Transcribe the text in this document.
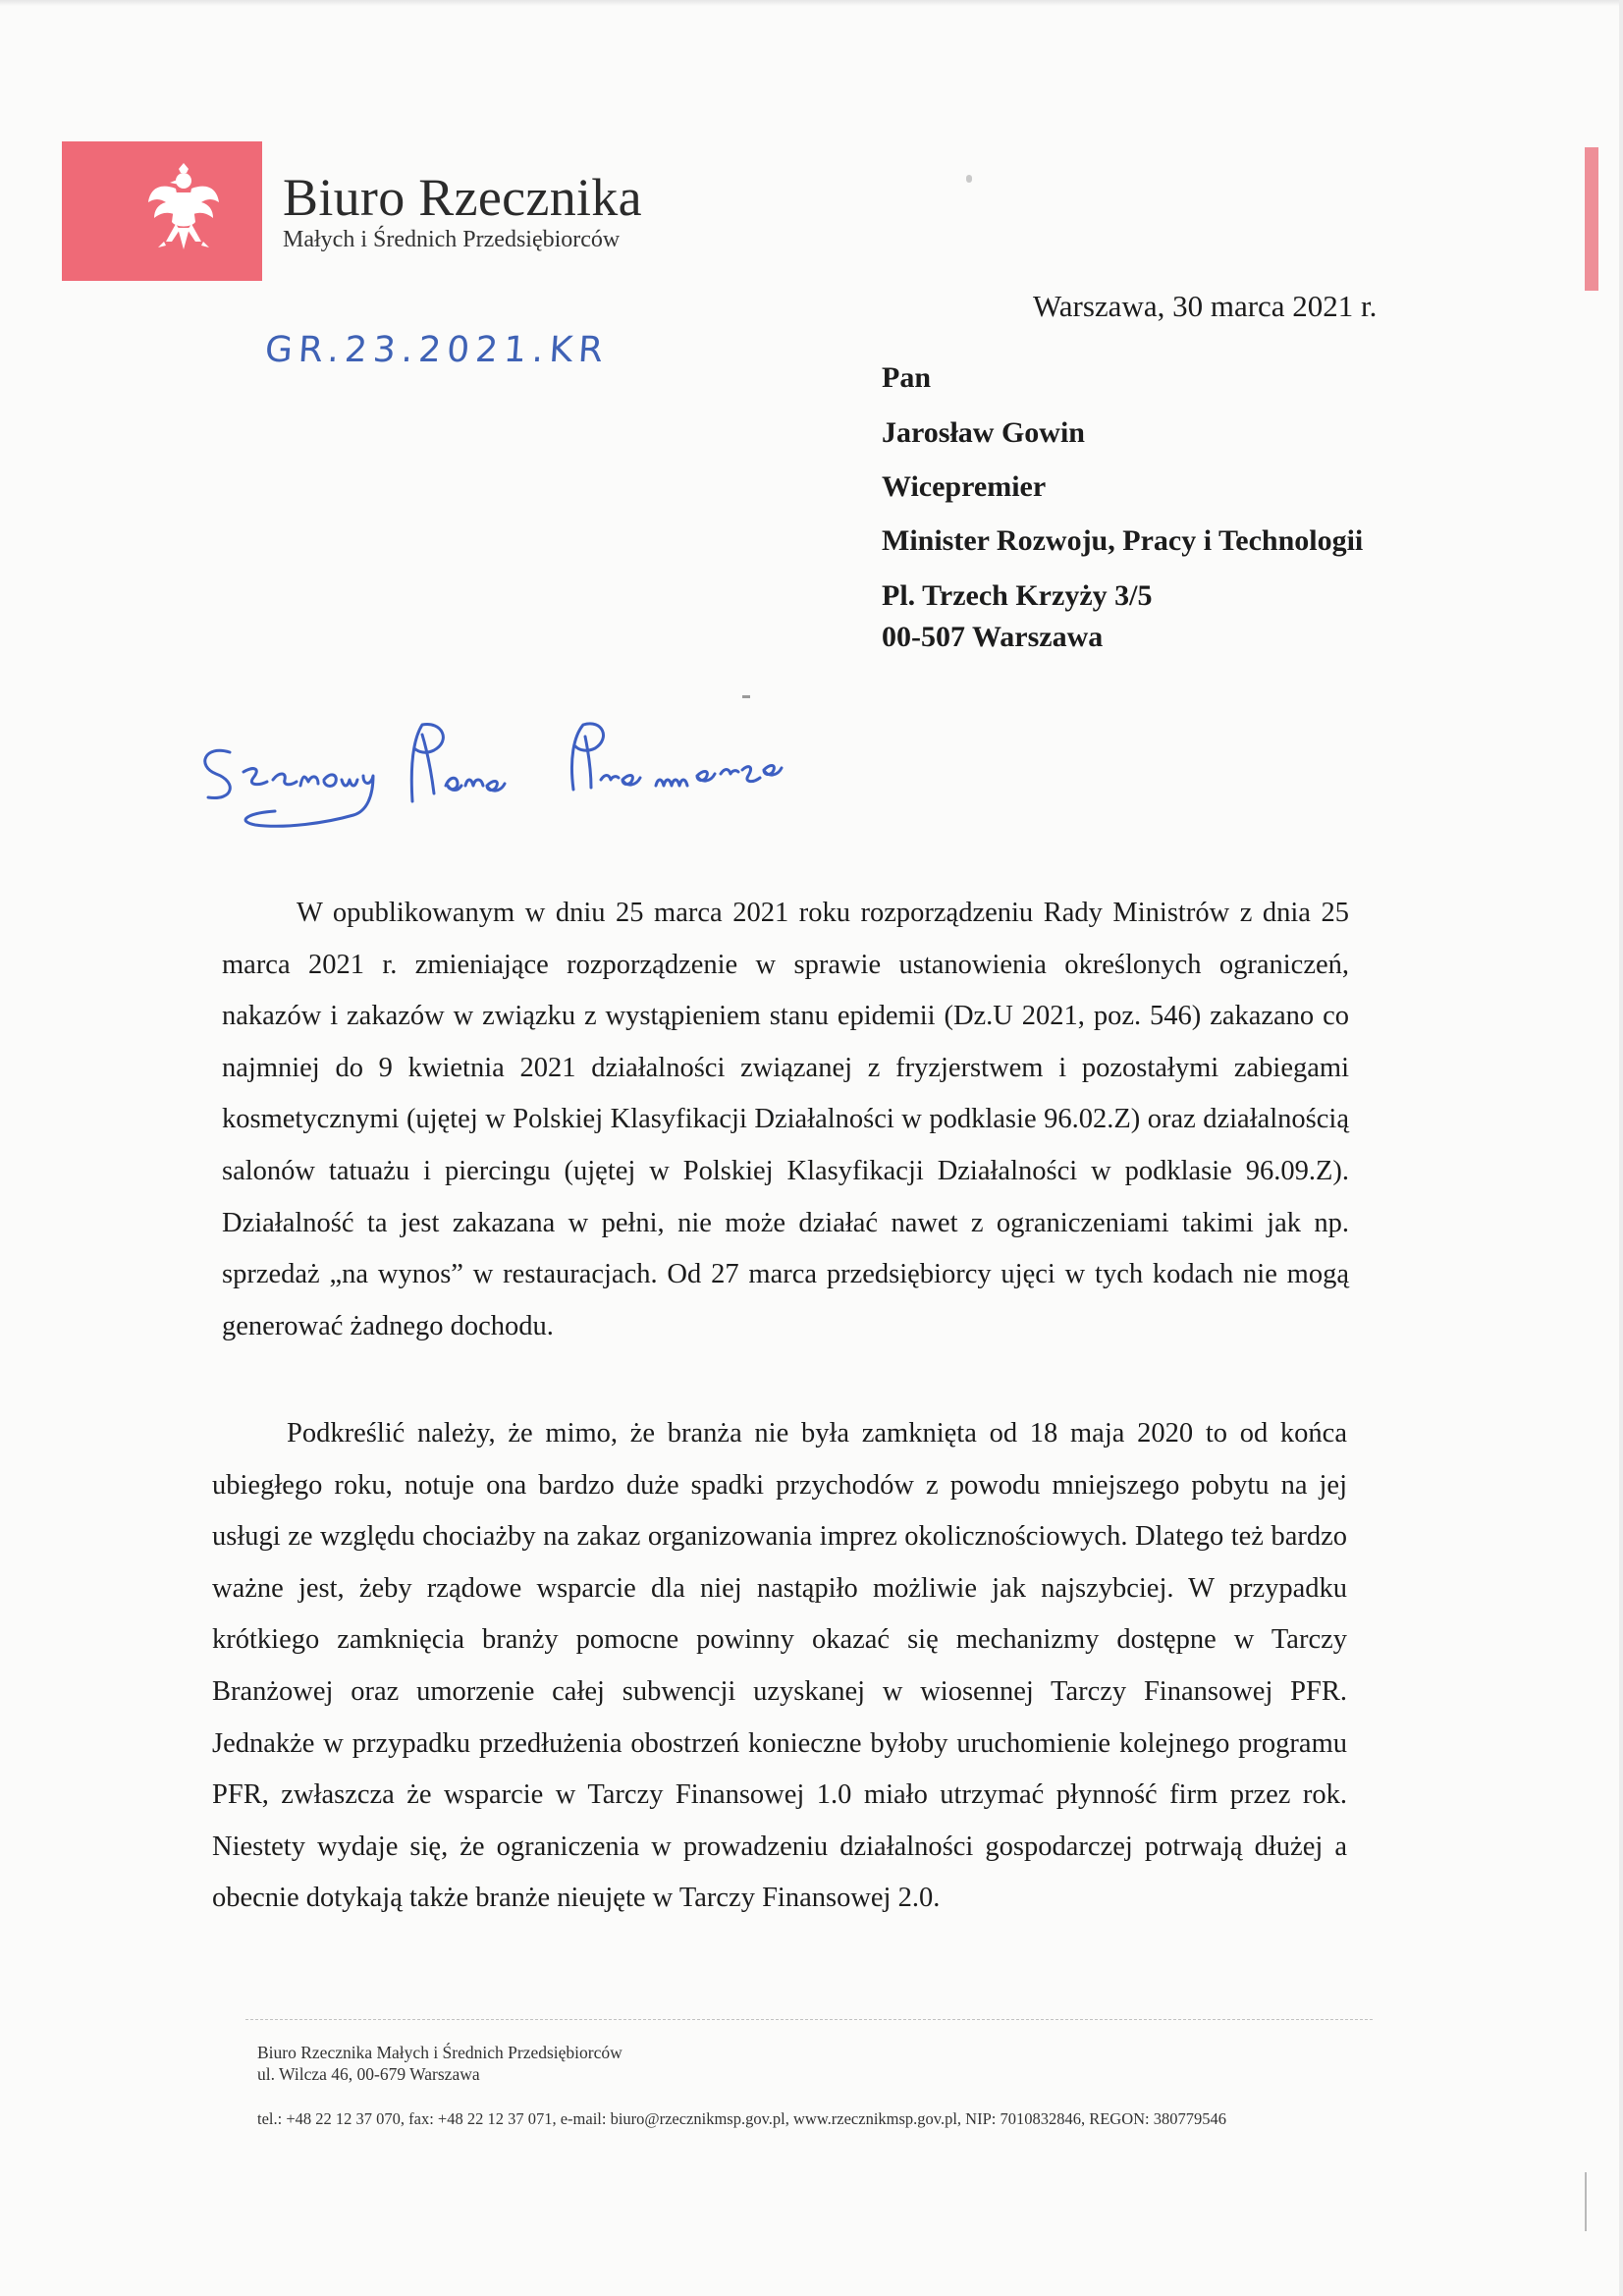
Biuro Rzecznika
Małych i Średnich Przedsiębiorców
Warszawa, 30 marca 2021 r.
GR.23.2021.KR
Pan
Jarosław Gowin
Wicepremier
Minister Rozwoju, Pracy i Technologii
Pl. Trzech Krzyży 3/5
00-507 Warszawa
W opublikowanym w dniu 25 marca 2021 roku rozporządzeniu Rady Ministrów z dnia 25 marca 2021 r. zmieniające rozporządzenie w sprawie ustanowienia określonych ograniczeń, nakazów i zakazów w związku z wystąpieniem stanu epidemii (Dz.U 2021, poz. 546) zakazano co najmniej do 9 kwietnia 2021 działalności związanej z fryzjerstwem i pozostałymi zabiegami kosmetycznymi (ujętej w Polskiej Klasyfikacji Działalności w podklasie 96.02.Z) oraz działalnością salonów tatuażu i piercingu (ujętej w Polskiej Klasyfikacji Działalności w podklasie 96.09.Z). Działalność ta jest zakazana w pełni, nie może działać nawet z ograniczeniami takimi jak np. sprzedaż „na wynos” w restauracjach. Od 27 marca przedsiębiorcy ujęci w tych kodach nie mogą generować żadnego dochodu.
Podkreślić należy, że mimo, że branża nie była zamknięta od 18 maja 2020 to od końca ubiegłego roku, notuje ona bardzo duże spadki przychodów z powodu mniejszego pobytu na jej usługi ze względu chociażby na zakaz organizowania imprez okolicznościowych. Dlatego też bardzo ważne jest, żeby rządowe wsparcie dla niej nastąpiło możliwie jak najszybciej. W przypadku krótkiego zamknięcia branży pomocne powinny okazać się mechanizmy dostępne w Tarczy Branżowej oraz umorzenie całej subwencji uzyskanej w wiosennej Tarczy Finansowej PFR. Jednakże w przypadku przedłużenia obostrzeń konieczne byłoby uruchomienie kolejnego programu PFR, zwłaszcza że wsparcie w Tarczy Finansowej 1.0 miało utrzymać płynność firm przez rok. Niestety wydaje się, że ograniczenia w prowadzeniu działalności gospodarczej potrwają dłużej a obecnie dotykają także branże nieujęte w Tarczy Finansowej 2.0.
Biuro Rzecznika Małych i Średnich Przedsiębiorców
ul. Wilcza 46, 00-679 Warszawa
tel.: +48 22 12 37 070, fax: +48 22 12 37 071, e-mail: biuro@rzecznikmsp.gov.pl, www.rzecznikmsp.gov.pl, NIP: 7010832846, REGON: 380779546
